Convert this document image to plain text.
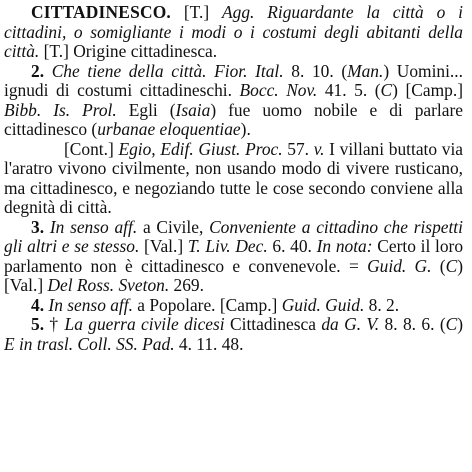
CITTADINESCO. [T.] Agg. Riguardante la città o i cittadini, o somigliante i modi o i costumi degli abitanti della città. [T.] Origine cittadinesca.

2. Che tiene della città. Fior. Ital. 8. 10. (Man.) Uomini... ignudi di costumi cittadineschi. Bocc. Nov. 41. 5. (C) [Camp.] Bibb. Is. Prol. Egli (Isaia) fue uomo nobile e di parlare cittadinesco (urbanae eloquentiae).

[Cont.] Egio, Edif. Giust. Proc. 57. v. I villani buttato via l'aratro vivono civilmente, non usando modo di vivere rusticano, ma cittadinesco, e negoziando tutte le cose secondo conviene alla degnità di città.

3. In senso aff. a Civile, Conveniente a cittadino che rispetti gli altri e se stesso. [Val.] T. Liv. Dec. 6. 40. In nota: Certo il loro parlamento non è cittadinesco e convenevole. = Guid. G. (C) [Val.] Del Ross. Sveton. 269.

4. In senso aff. a Popolare. [Camp.] Guid. Guid. 8. 2.

5. † La guerra civile dicesi Cittadinesca da G. V. 8. 8. 6. (C) E in trasl. Coll. SS. Pad. 4. 11. 48.
